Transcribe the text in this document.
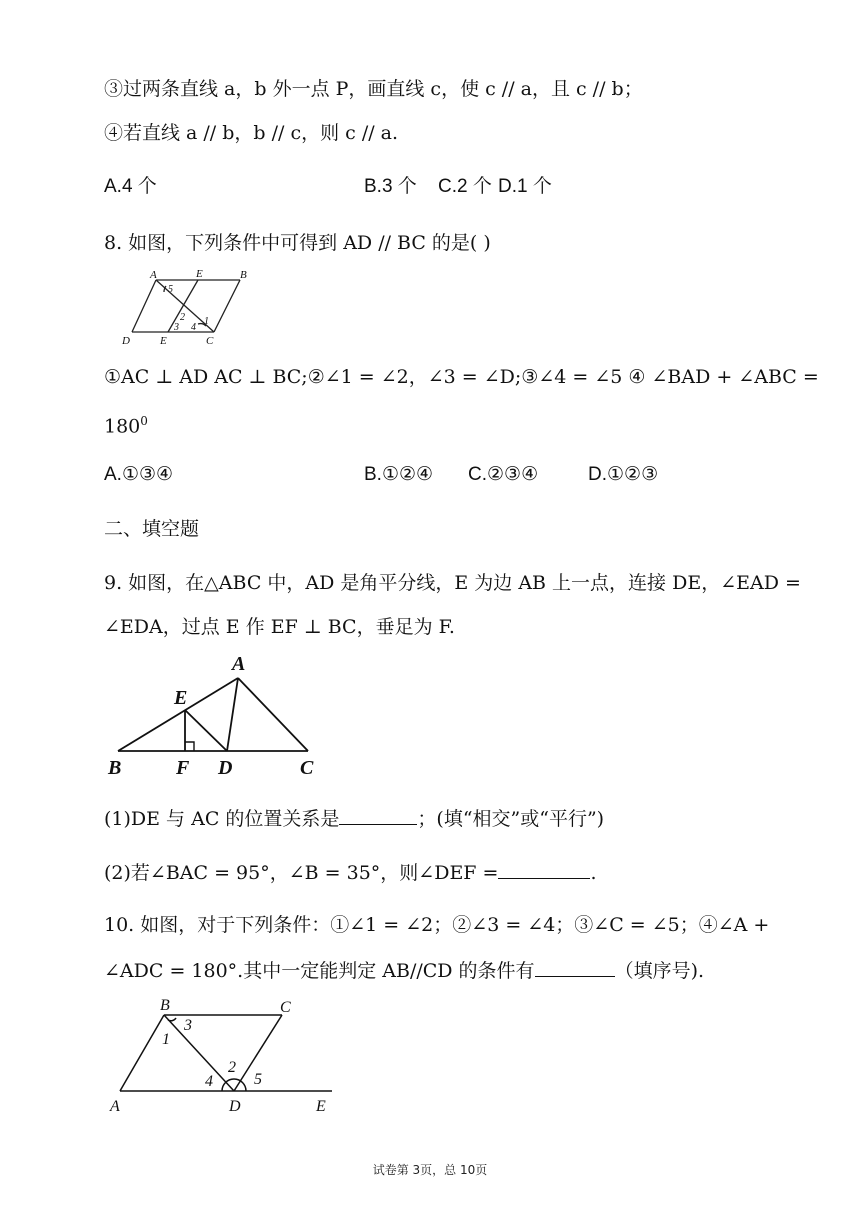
③过两条直线 a，b 外一点 P，画直线 c，使 c // a，且 c // b；
④若直线 a // b，b // c，则 c // a.
A.4 个	B.3 个 C.2 个 D.1 个
8. 如图，下列条件中可得到 AD // BC 的是( )
A	E	B
D	E	C
5
2
3 4
1
①AC ⊥ AD AC ⊥ BC;②∠1 = ∠2，∠3 = ∠D;③∠4 = ∠5 ④ ∠BAD + ∠ABC =
$180^0$
A.①③④	B.①②④ C.②③④	D.①②③
二、填空题
9. 如图，在△ABC 中，AD 是角平分线，E 为边 AB 上一点，连接 DE，∠EAD =
∠EDA，过点 E 作 EF ⊥ BC，垂足为 F.
A
E
B	F D	C
(1)DE 与 AC 的位置关系是	；(填“相交”或“平行”)
(2)若∠BAC = 95°，∠B = 35°，则∠DEF =	.
10. 如图，对于下列条件：①∠1 = ∠2；②∠3 = ∠4；③∠C = ∠5；④∠A +
∠ADC = 180°.其中一定能判定 AB//CD 的条件有	（填序号).
B	C
3
1
2
4	5
A	D	E
试卷第 3页，总 10页
